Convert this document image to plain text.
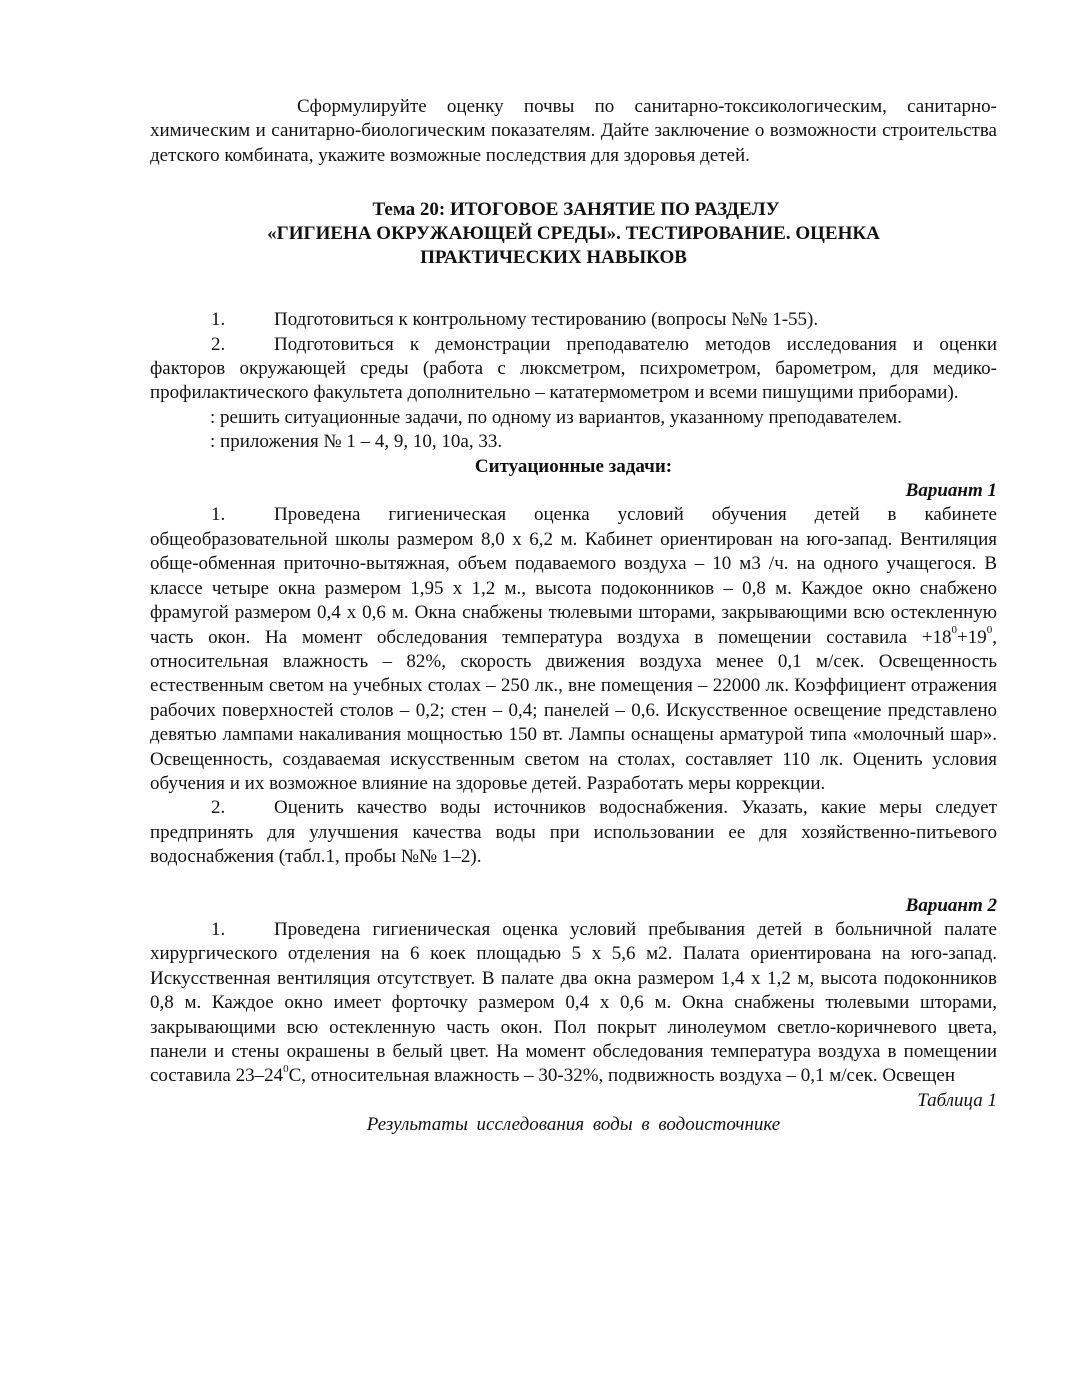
Сформулируйте оценку почвы по санитарно-токсикологическим, санитарно-химическим и санитарно-биологическим показателям. Дайте заключение о возможности строительства детского комбината, укажите возможные последствия для здоровья детей.

Тема 20: ИТОГОВОЕ ЗАНЯТИЕ ПО РАЗДЕЛУ
«ГИГИЕНА ОКРУЖАЮЩЕЙ СРЕДЫ». ТЕСТИРОВАНИЕ. ОЦЕНКА
ПРАКТИЧЕСКИХ НАВЫКОВ
1.	Подготовиться к контрольному тестированию (вопросы №№ 1-55).

2.	Подготовиться к демонстрации преподавателю методов исследования и оценки факторов окружающей среды (работа с люксметром, психрометром, барометром, для медико-профилактического факультета дополнительно – кататермометром и всеми пишущими приборами).

: решить ситуационные задачи, по одному из вариантов, указанному преподавателем.

: приложения № 1 – 4, 9, 10, 10а, 33.

Ситуационные задачи:

Вариант 1

1.	Проведена гигиеническая оценка условий обучения детей в кабинете общеобразовательной школы размером 8,0 х 6,2 м. Кабинет ориентирован на юго-запад. Вентиляция обще-обменная приточно-вытяжная, объем подаваемого воздуха – 10 м3 /ч. на одного учащегося. В классе четыре окна размером 1,95 х 1,2 м., высота подоконников – 0,8 м. Каждое окно снабжено фрамугой размером 0,4 х 0,6 м. Окна снабжены тюлевыми шторами, закрывающими всю остекленную часть окон. На момент обследования температура воздуха в помещении составила $+18^0+19^0$, относительная влажность – 82%, скорость движения воздуха менее 0,1 м/сек. Освещенность естественным светом на учебных столах – 250 лк., вне помещения – 22000 лк. Коэффициент отражения рабочих поверхностей столов – 0,2; стен – 0,4; панелей – 0,6. Искусственное освещение представлено девятью лампами накаливания мощностью 150 вт. Лампы оснащены арматурой типа «молочный шар». Освещенность, создаваемая искусственным светом на столах, составляет 110 лк. Оценить условия обучения и их возможное влияние на здоровье детей. Разработать меры коррекции.

2.	Оценить качество воды источников водоснабжения. Указать, какие меры следует предпринять для улучшения качества воды при использовании ее для хозяйственно-питьевого водоснабжения (табл.1, пробы №№ 1–2).

Вариант 2

1.	Проведена гигиеническая оценка условий пребывания детей в больничной палате хирургического отделения на 6 коек площадью 5 х 5,6 м2. Палата ориентирована на юго-запад. Искусственная вентиляция отсутствует. В палате два окна размером 1,4 х 1,2 м, высота подоконников 0,8 м. Каждое окно имеет форточку размером 0,4 х 0,6 м. Окна снабжены тюлевыми шторами, закрывающими всю остекленную часть окон. Пол покрыт линолеумом светло-коричневого цвета, панели и стены окрашены в белый цвет. На момент обследования температура воздуха в помещении составила $23-24^0С$, относительная влажность – 30-32%, подвижность воздуха – 0,1 м/сек. Освещен

Таблица 1

Результаты исследования воды в водоисточнике
